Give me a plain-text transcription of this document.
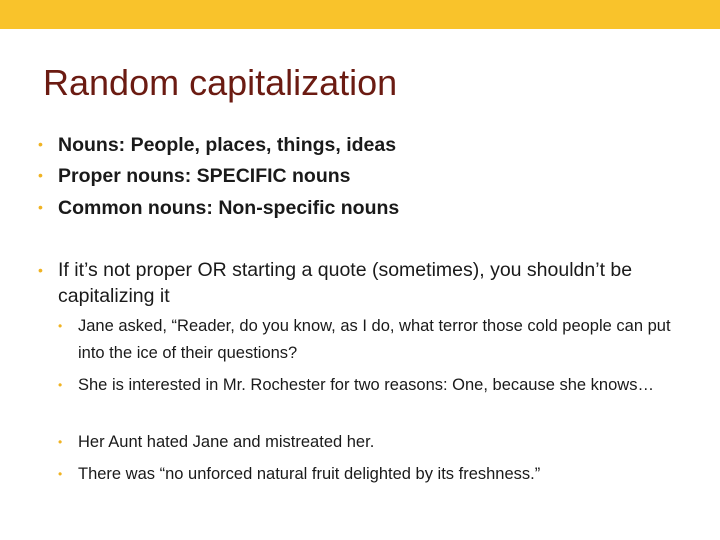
Random capitalization
• Nouns: People, places, things, ideas
• Proper nouns: SPECIFIC nouns
• Common nouns: Non-specific nouns
• If it’s not proper OR starting a quote (sometimes), you shouldn’t be capitalizing it
• Jane asked, “Reader, do you know, as I do, what terror those cold people can put into the ice of their questions?
• She is interested in Mr. Rochester for two reasons: One, because she knows…
• Her Aunt hated Jane and mistreated her.
• There was “no unforced natural fruit delighted by its freshness.”
